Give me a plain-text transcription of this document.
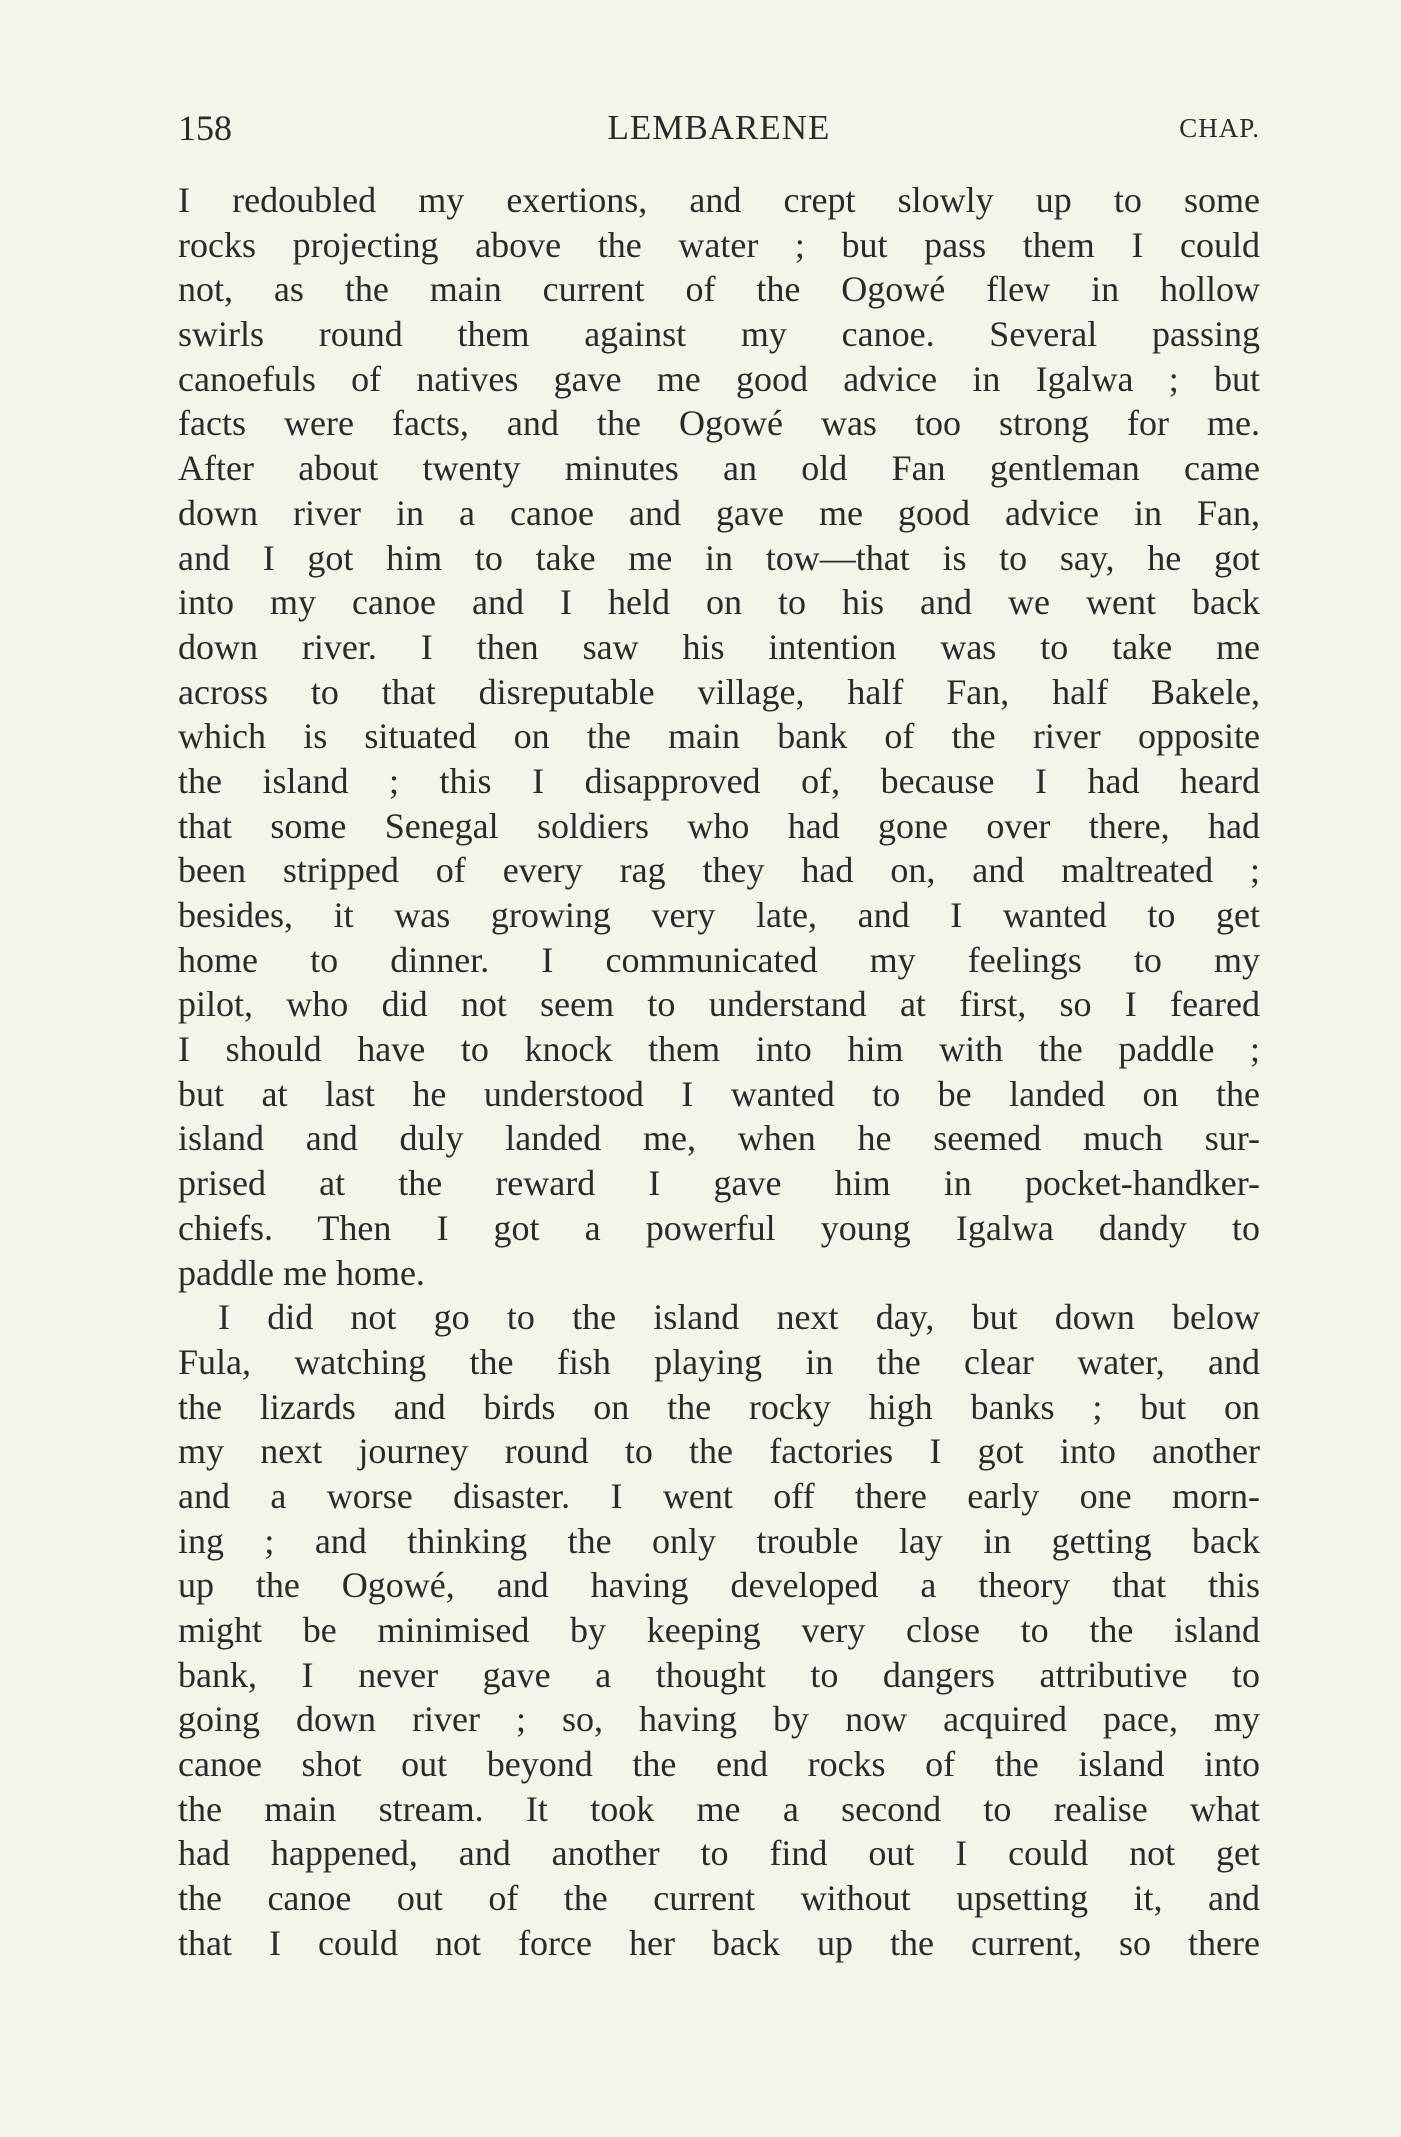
158	LEMBARENE	CHAP.
I redoubled my exertions, and crept slowly up to some
rocks projecting above the water ; but pass them I could
not, as the main current of the Ogowé flew in hollow
swirls round them against my canoe. Several passing
canoefuls of natives gave me good advice in Igalwa ; but
facts were facts, and the Ogowé was too strong for me.
After about twenty minutes an old Fan gentleman came
down river in a canoe and gave me good advice in Fan,
and I got him to take me in tow—that is to say, he got
into my canoe and I held on to his and we went back
down river. I then saw his intention was to take me
across to that disreputable village, half Fan, half Bakele,
which is situated on the main bank of the river opposite
the island ; this I disapproved of, because I had heard
that some Senegal soldiers who had gone over there, had
been stripped of every rag they had on, and maltreated ;
besides, it was growing very late, and I wanted to get
home to dinner. I communicated my feelings to my
pilot, who did not seem to understand at first, so I feared
I should have to knock them into him with the paddle ;
but at last he understood I wanted to be landed on the
island and duly landed me, when he seemed much sur-
prised at the reward I gave him in pocket-handker-
chiefs. Then I got a powerful young Igalwa dandy to
paddle me home.
I did not go to the island next day, but down below
Fula, watching the fish playing in the clear water, and
the lizards and birds on the rocky high banks ; but on
my next journey round to the factories I got into another
and a worse disaster. I went off there early one morn-
ing ; and thinking the only trouble lay in getting back
up the Ogowé, and having developed a theory that this
might be minimised by keeping very close to the island
bank, I never gave a thought to dangers attributive to
going down river ; so, having by now acquired pace, my
canoe shot out beyond the end rocks of the island into
the main stream. It took me a second to realise what
had happened, and another to find out I could not get
the canoe out of the current without upsetting it, and
that I could not force her back up the current, so there
